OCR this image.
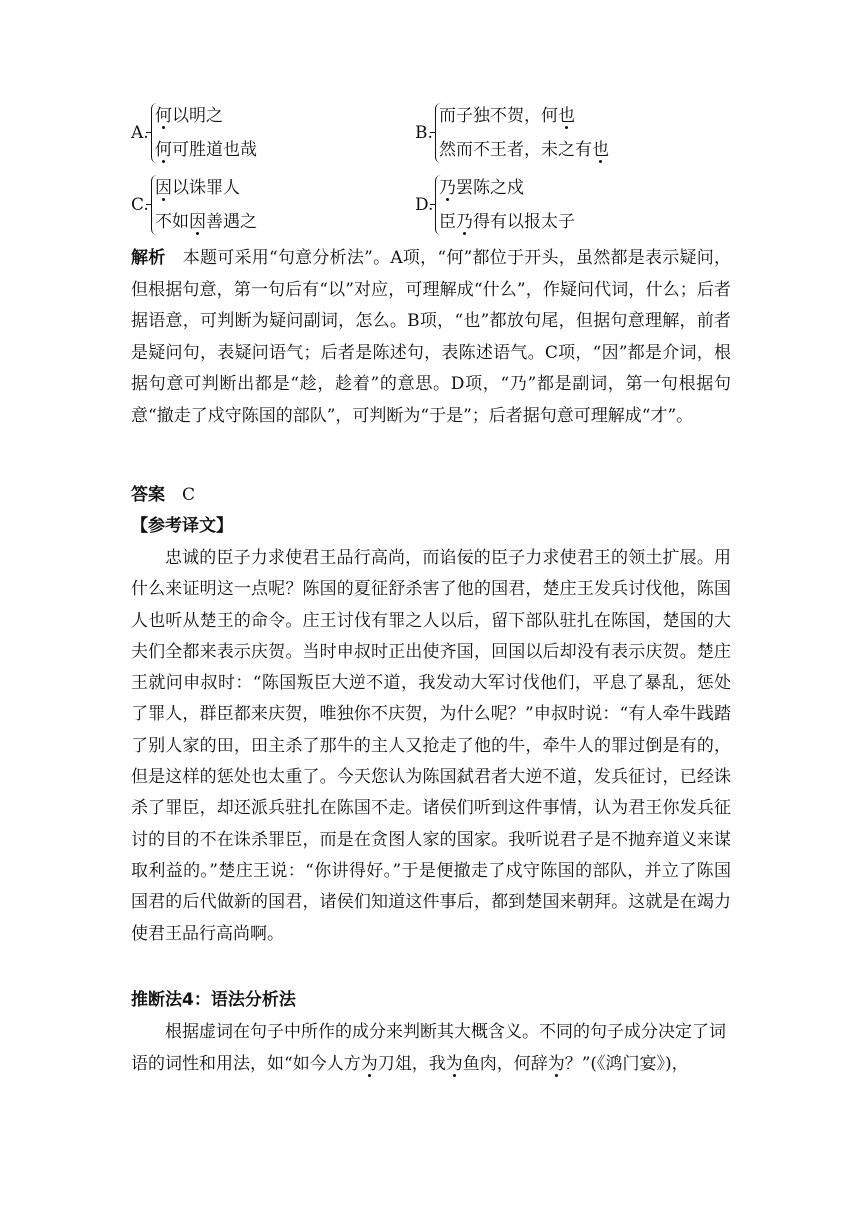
A.
何以明之
何可胜道也哉
B.
而子独不贺，何也
然而不王者，未之有也
C.
因以诛罪人
不如因善遇之
D.
乃罢陈之戍
臣乃得有以报太子
解析  本题可采用“句意分析法”。A项，“何”都位于开头，虽然都是表示疑问，但根据句意，第一句后有“以”对应，可理解成“什么”，作疑问代词，什么；后者据语意，可判断为疑问副词，怎么。B项，“也”都放句尾，但据句意理解，前者是疑问句，表疑问语气；后者是陈述句，表陈述语气。C项，“因”都是介词，根据句意可判断出都是“趁，趁着”的意思。D项，“乃”都是副词，第一句根据句意“撤走了戍守陈国的部队”，可判断为“于是”；后者据句意可理解成“才”。
答案  C
【参考译文】
忠诚的臣子力求使君王品行高尚，而谄佞的臣子力求使君王的领土扩展。用什么来证明这一点呢？陈国的夏征舒杀害了他的国君，楚庄王发兵讨伐他，陈国人也听从楚王的命令。庄王讨伐有罪之人以后，留下部队驻扎在陈国，楚国的大夫们全都来表示庆贺。当时申叔时正出使齐国，回国以后却没有表示庆贺。楚庄王就问申叔时：“陈国叛臣大逆不道，我发动大军讨伐他们，平息了暴乱，惩处了罪人，群臣都来庆贺，唯独你不庆贺，为什么呢？”申叔时说：“有人牵牛践踏了别人家的田，田主杀了那牛的主人又抢走了他的牛，牵牛人的罪过倒是有的，但是这样的惩处也太重了。今天您认为陈国弑君者大逆不道，发兵征讨，已经诛杀了罪臣，却还派兵驻扎在陈国不走。诸侯们听到这件事情，认为君王你发兵征讨的目的不在诛杀罪臣，而是在贪图人家的国家。我听说君子是不抛弃道义来谋取利益的。”楚庄王说：“你讲得好。”于是便撤走了戍守陈国的部队，并立了陈国国君的后代做新的国君，诸侯们知道这件事后，都到楚国来朝拜。这就是在竭力使君王品行高尚啊。
推断法4：语法分析法
根据虚词在句子中所作的成分来判断其大概含义。不同的句子成分决定了词
语的词性和用法，如“如今人方为刀俎，我为鱼肉，何辞为？”(《鸿门宴》)，
